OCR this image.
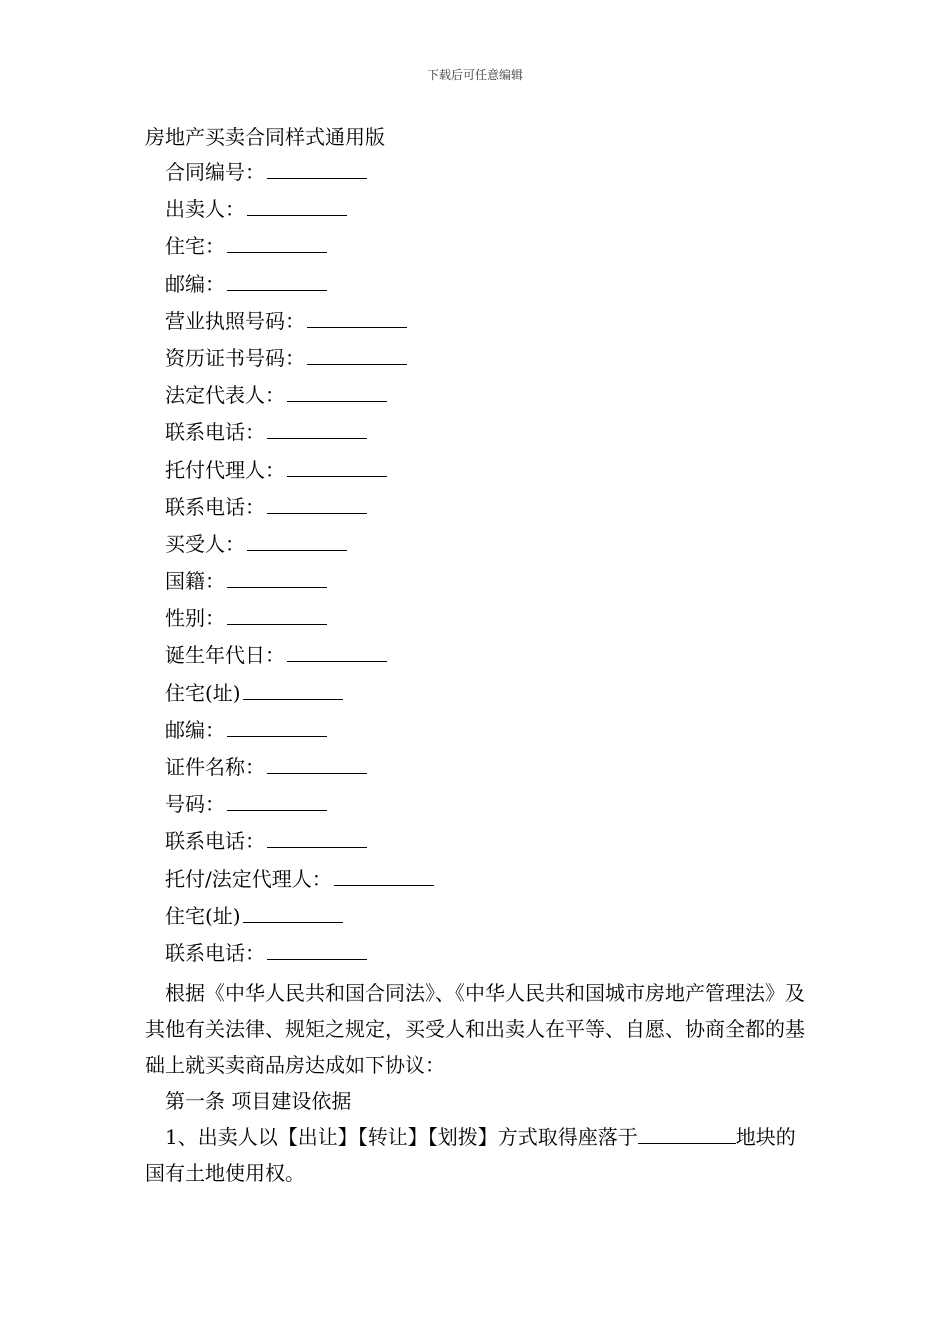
下载后可任意编辑
房地产买卖合同样式通用版
合同编号：
出卖人：
住宅：
邮编：
营业执照号码：
资历证书号码：
法定代表人：
联系电话：
托付代理人：
联系电话：
买受人：
国籍：
性别：
诞生年代日：
住宅(址)
邮编：
证件名称：
号码：
联系电话：
托付/法定代理人：
住宅(址)
联系电话：

根据《中华人民共和国合同法》、《中华人民共和国城市房地产管理法》及其他有关法律、规矩之规定，买受人和出卖人在平等、自愿、协商全都的基础上就买卖商品房达成如下协议：

第一条 项目建设依据

1、出卖人以【出让】【转让】【划拨】方式取得座落于	地块的国有土地使用权。
